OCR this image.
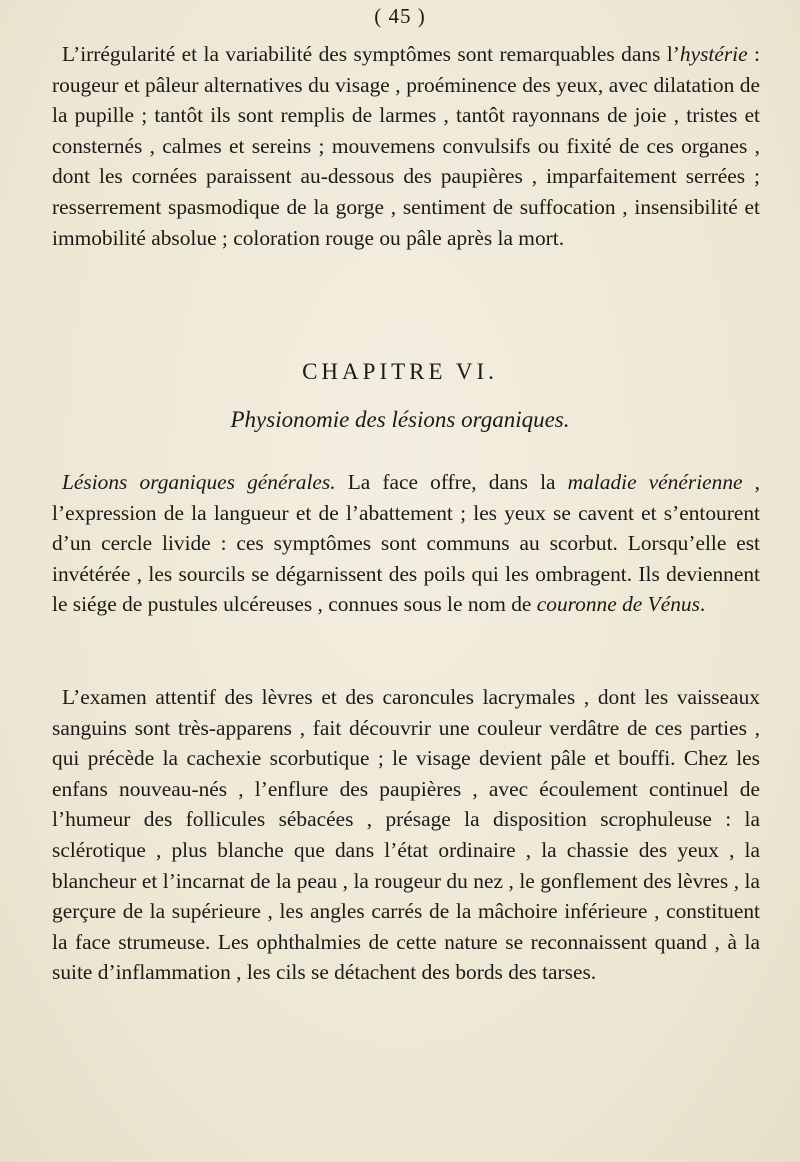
( 45 )
L’irrégularité et la variabilité des symptômes sont remarquables dans l’hystérie : rougeur et pâleur alternatives du visage , proéminence des yeux, avec dilatation de la pupille ; tantôt ils sont remplis de larmes , tantôt rayonnans de joie , tristes et consternés , calmes et sereins ; mouvemens convulsifs ou fixité de ces organes , dont les cornées paraissent au-dessous des paupières , imparfaitement serrées ; resserrement spasmodique de la gorge , sentiment de suffocation , insensibilité et immobilité absolue ; coloration rouge ou pâle après la mort.
CHAPITRE VI.
Physionomie des lésions organiques.
Lésions organiques générales. La face offre, dans la maladie vénérienne , l’expression de la langueur et de l’abattement ; les yeux se cavent et s’entourent d’un cercle livide : ces symptômes sont communs au scorbut. Lorsqu’elle est invétérée , les sourcils se dégarnissent des poils qui les ombragent. Ils deviennent le siége de pustules ulcéreuses , connues sous le nom de couronne de Vénus.
L’examen attentif des lèvres et des caroncules lacrymales , dont les vaisseaux sanguins sont très-apparens , fait découvrir une couleur verdâtre de ces parties , qui précède la cachexie scorbutique ; le visage devient pâle et bouffi. Chez les enfans nouveau-nés , l’enflure des paupières , avec écoulement continuel de l’humeur des follicules sébacées , présage la disposition scrophuleuse : la sclérotique , plus blanche que dans l’état ordinaire , la chassie des yeux , la blancheur et l’incarnat de la peau , la rougeur du nez , le gonflement des lèvres , la gerçure de la supérieure , les angles carrés de la mâchoire inférieure , constituent la face strumeuse. Les ophthalmies de cette nature se reconnaissent quand , à la suite d’inflammation , les cils se détachent des bords des tarses.
